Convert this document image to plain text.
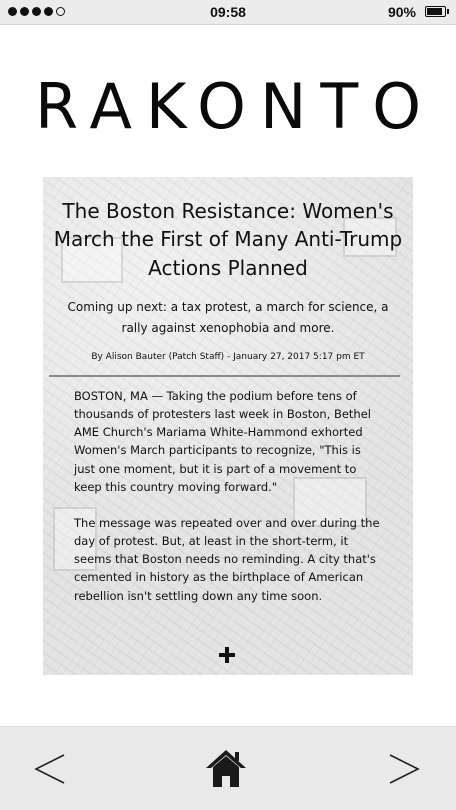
09:58	90%
RAKONTO
The Boston Resistance: Women's March the First of Many Anti-Trump Actions Planned
Coming up next: a tax protest, a march for science, a rally against xenophobia and more.
By Alison Bauter (Patch Staff) - January 27, 2017 5:17 pm ET

BOSTON, MA — Taking the podium before tens of thousands of protesters last week in Boston, Bethel AME Church's Mariama White-Hammond exhorted Women's March participants to recognize, "This is just one moment, but it is part of a movement to keep this country moving forward."

The message was repeated over and over during the day of protest. But, at least in the short-term, it seems that Boston needs no reminding. A city that's cemented in history as the birthplace of American rebellion isn't settling down any time soon.
